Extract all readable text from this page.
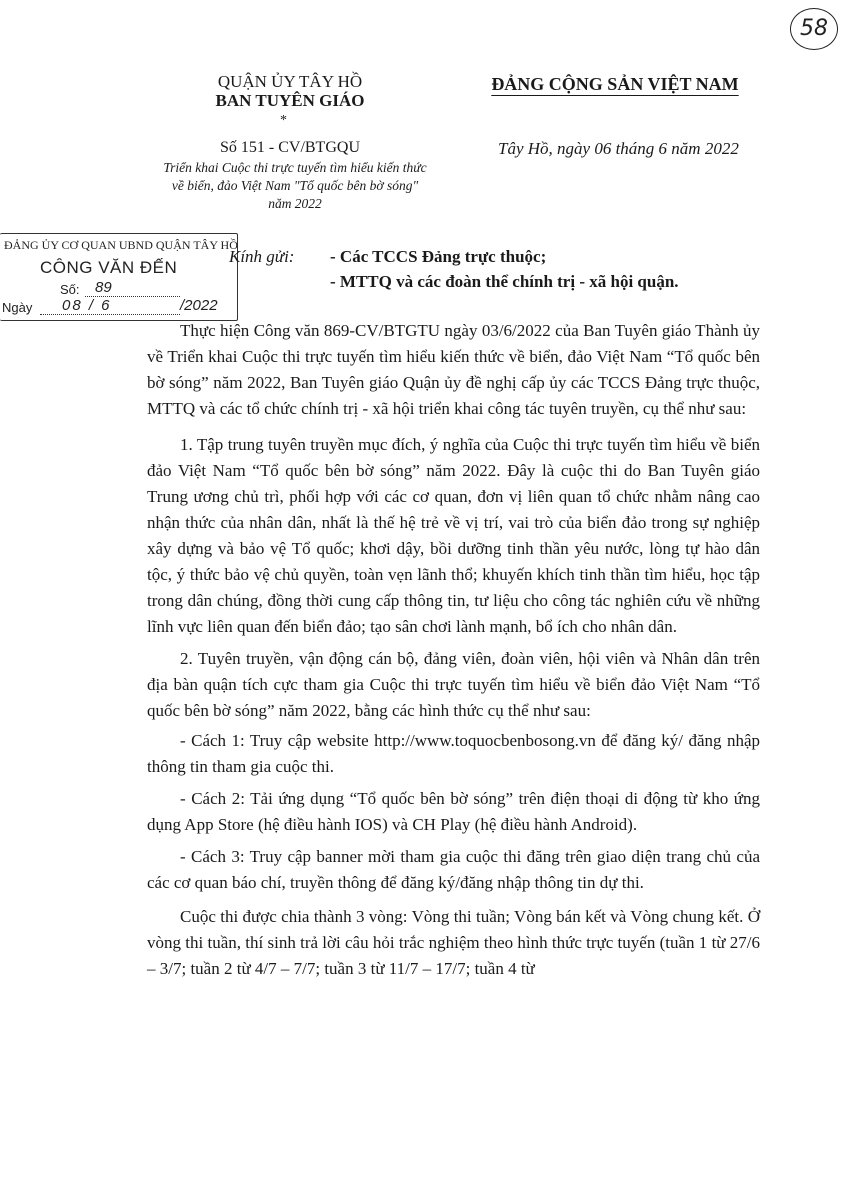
58
QUẬN ỦY TÂY HỒ
BAN TUYÊN GIÁO
*
Số 151 - CV/BTGQU
Triển khai Cuộc thi trực tuyến tìm hiểu kiến thức về biển, đảo Việt Nam "Tổ quốc bên bờ sóng" năm 2022
ĐẢNG CỘNG SẢN VIỆT NAM
Tây Hồ, ngày 06 tháng 6 năm 2022
ĐẢNG ỦY CƠ QUAN UBND QUẬN TÂY HỒ
CÔNG VĂN ĐẾN
Số: 89
Ngày 08 / 6	/2022
Kính gửi: - Các TCCS Đảng trực thuộc;
- MTTQ và các đoàn thể chính trị - xã hội quận.

Thực hiện Công văn 869-CV/BTGTU ngày 03/6/2022 của Ban Tuyên giáo Thành ủy về Triển khai Cuộc thi trực tuyến tìm hiểu kiến thức về biển, đảo Việt Nam “Tổ quốc bên bờ sóng” năm 2022, Ban Tuyên giáo Quận ủy đề nghị cấp ủy các TCCS Đảng trực thuộc, MTTQ và các tổ chức chính trị - xã hội triển khai công tác tuyên truyền, cụ thể như sau:

1. Tập trung tuyên truyền mục đích, ý nghĩa của Cuộc thi trực tuyến tìm hiểu về biển đảo Việt Nam “Tổ quốc bên bờ sóng” năm 2022. Đây là cuộc thi do Ban Tuyên giáo Trung ương chủ trì, phối hợp với các cơ quan, đơn vị liên quan tổ chức nhằm nâng cao nhận thức của nhân dân, nhất là thế hệ trẻ về vị trí, vai trò của biển đảo trong sự nghiệp xây dựng và bảo vệ Tổ quốc; khơi dậy, bồi dưỡng tinh thần yêu nước, lòng tự hào dân tộc, ý thức bảo vệ chủ quyền, toàn vẹn lãnh thổ; khuyến khích tinh thần tìm hiểu, học tập trong dân chúng, đồng thời cung cấp thông tin, tư liệu cho công tác nghiên cứu về những lĩnh vực liên quan đến biển đảo; tạo sân chơi lành mạnh, bổ ích cho nhân dân.

2. Tuyên truyền, vận động cán bộ, đảng viên, đoàn viên, hội viên và Nhân dân trên địa bàn quận tích cực tham gia Cuộc thi trực tuyến tìm hiểu về biển đảo Việt Nam “Tổ quốc bên bờ sóng” năm 2022, bằng các hình thức cụ thể như sau:

- Cách 1: Truy cập website http://www.toquocbenbosong.vn để đăng ký/ đăng nhập thông tin tham gia cuộc thi.

- Cách 2: Tải ứng dụng “Tổ quốc bên bờ sóng” trên điện thoại di động từ kho ứng dụng App Store (hệ điều hành IOS) và CH Play (hệ điều hành Android).

- Cách 3: Truy cập banner mời tham gia cuộc thi đăng trên giao diện trang chủ của các cơ quan báo chí, truyền thông để đăng ký/đăng nhập thông tin dự thi.

Cuộc thi được chia thành 3 vòng: Vòng thi tuần; Vòng bán kết và Vòng chung kết. Ở vòng thi tuần, thí sinh trả lời câu hỏi trắc nghiệm theo hình thức trực tuyến (tuần 1 từ 27/6 – 3/7; tuần 2 từ 4/7 – 7/7; tuần 3 từ 11/7 – 17/7; tuần 4 từ
